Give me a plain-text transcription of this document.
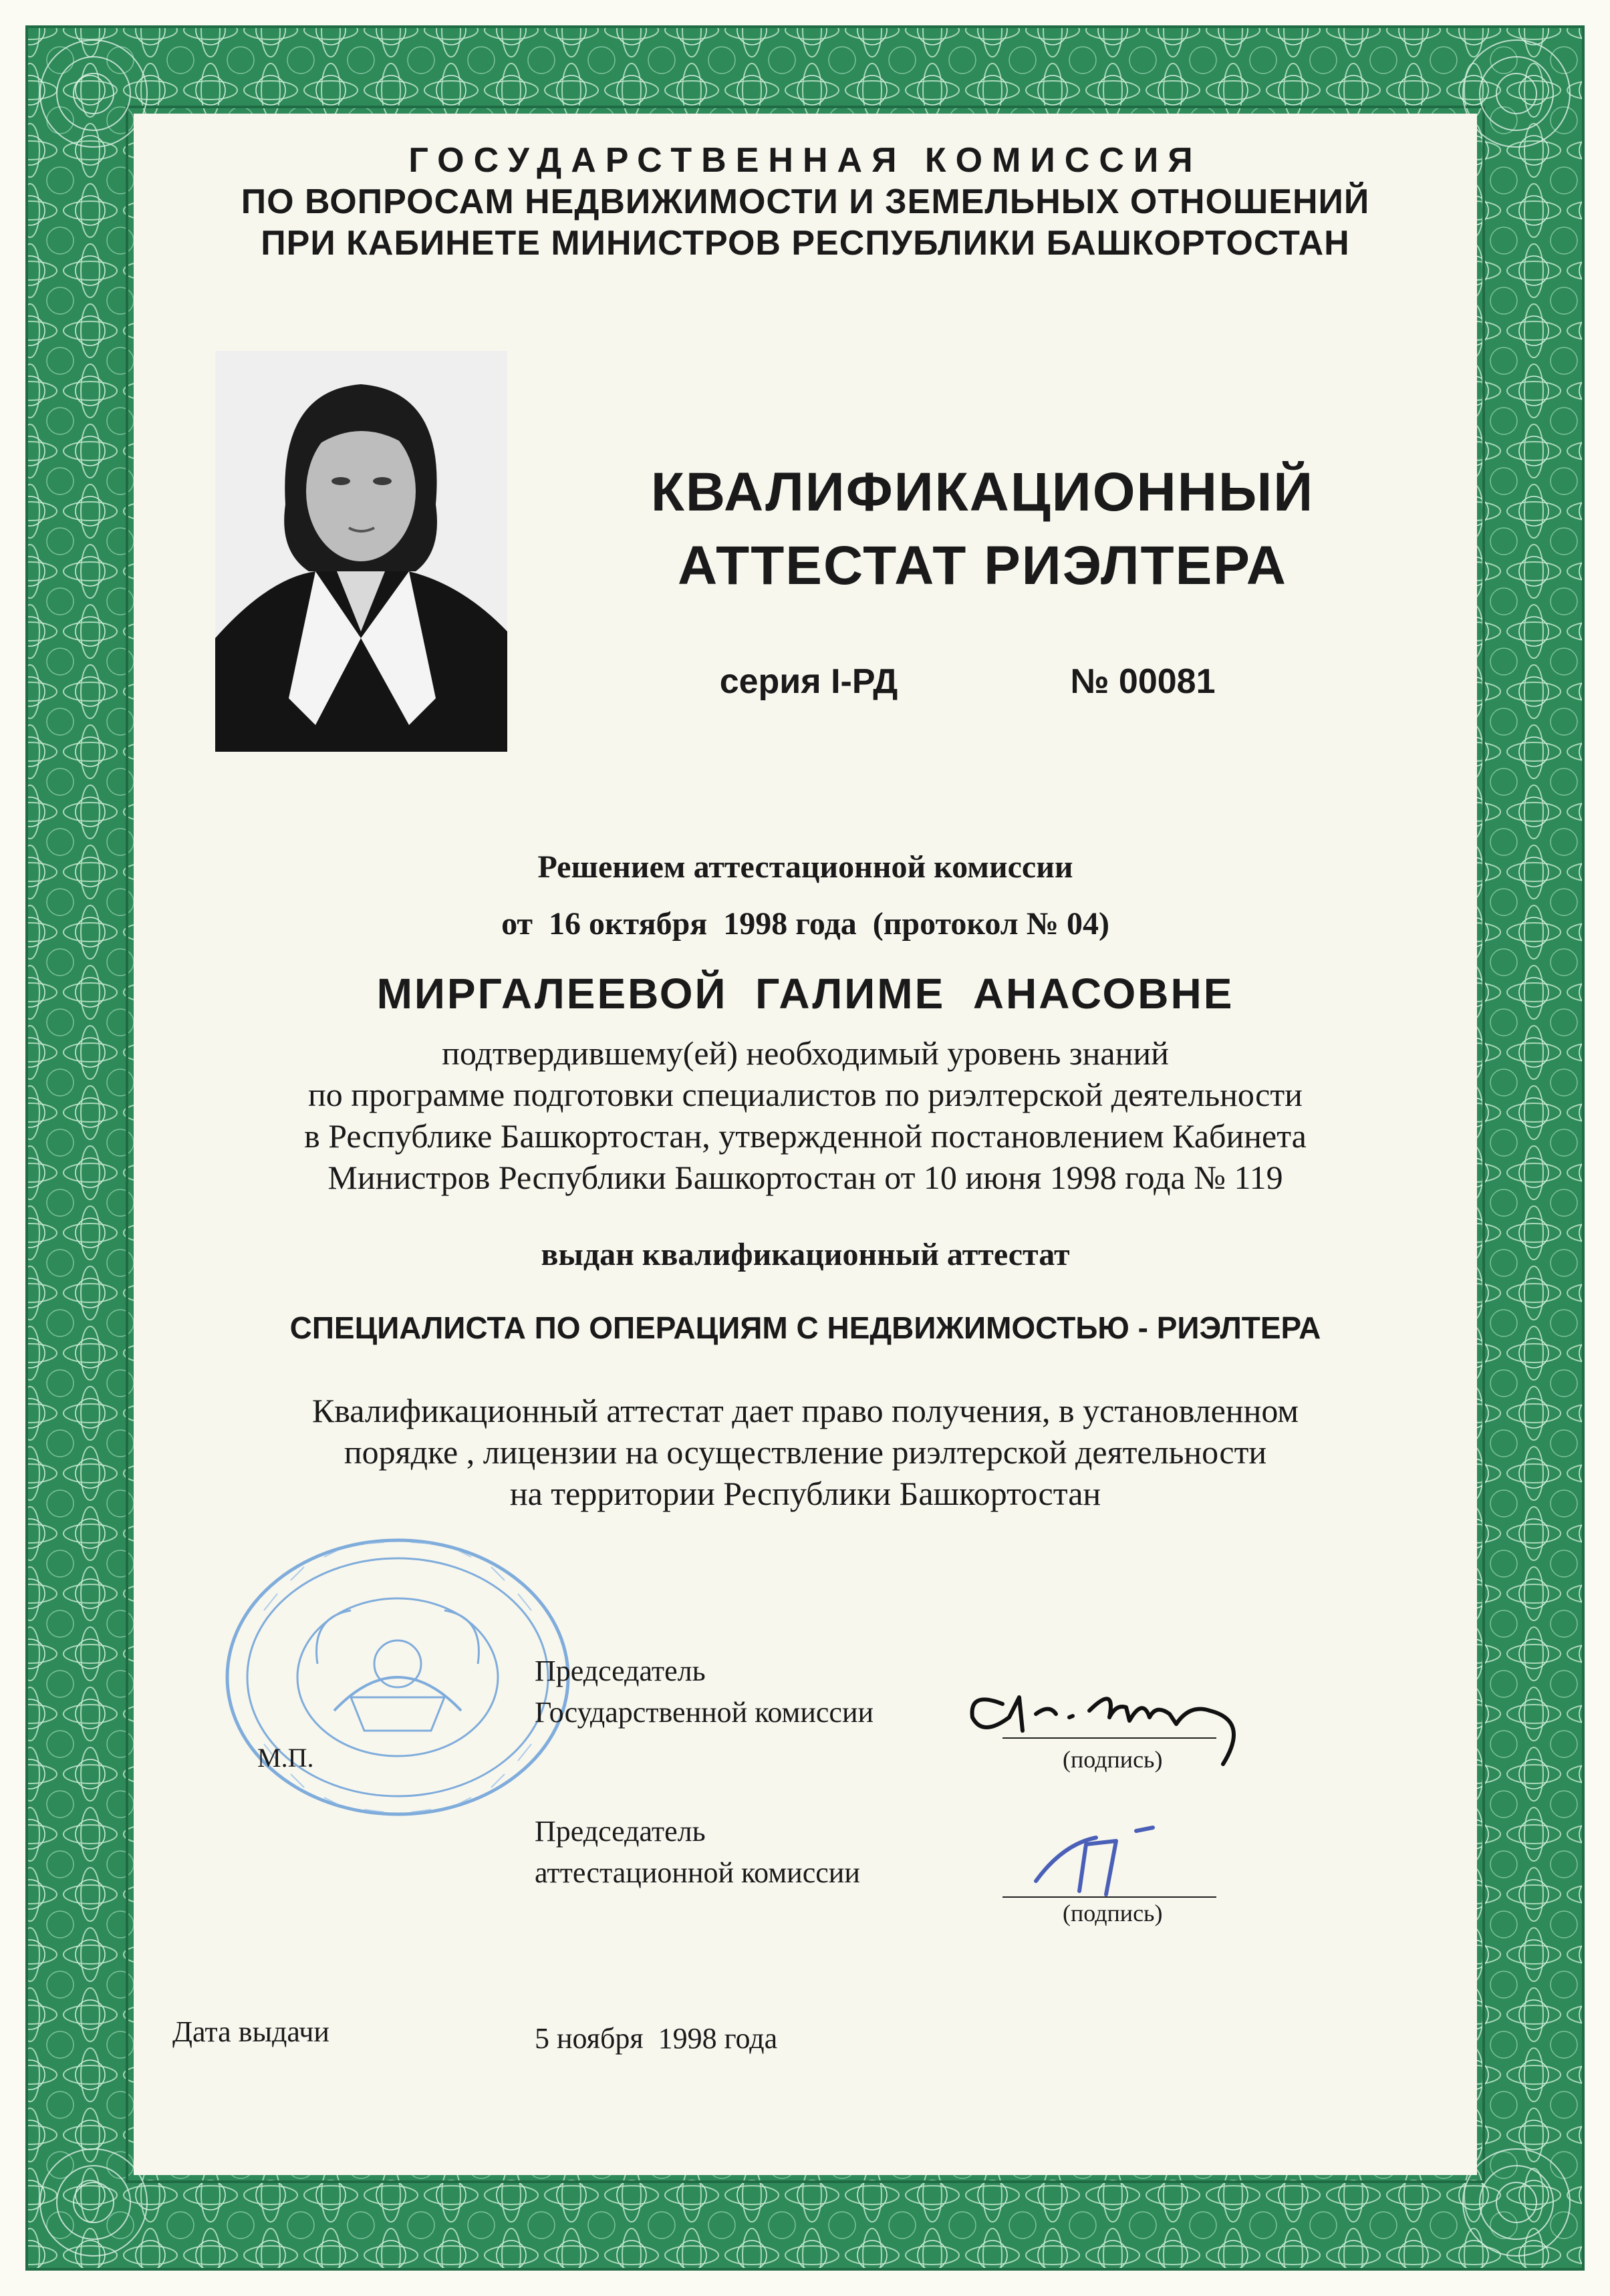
ГОСУДАРСТВЕННАЯ КОМИССИЯ
ПО ВОПРОСАМ НЕДВИЖИМОСТИ И ЗЕМЕЛЬНЫХ ОТНОШЕНИЙ
ПРИ КАБИНЕТЕ МИНИСТРОВ РЕСПУБЛИКИ БАШКОРТОСТАН
КВАЛИФИКАЦИОННЫЙ
АТТЕСТАТ РИЭЛТЕРА
серия I-РД	№ 00081
Решением аттестационной комиссии
от  16 октября  1998 года  (протокол № 04)
МИРГАЛЕЕВОЙ  ГАЛИМЕ  АНАСОВНЕ
подтвердившему(ей) необходимый уровень знаний
по программе подготовки специалистов по риэлтерской деятельности
в Республике Башкортостан, утвержденной постановлением Кабинета
Министров Республики Башкортостан от 10 июня 1998 года № 119
выдан квалификационный аттестат
СПЕЦИАЛИСТА ПО ОПЕРАЦИЯМ С НЕДВИЖИМОСТЬЮ - РИЭЛТЕРА
Квалификационный аттестат дает право получения, в установленном
порядке , лицензии на осуществление риэлтерской деятельности
на территории Республики Башкортостан
М.П.
Председатель
Государственной комиссии
(подпись)
Председатель
аттестационной комиссии
(подпись)
Дата выдачи	5 ноября  1998 года
